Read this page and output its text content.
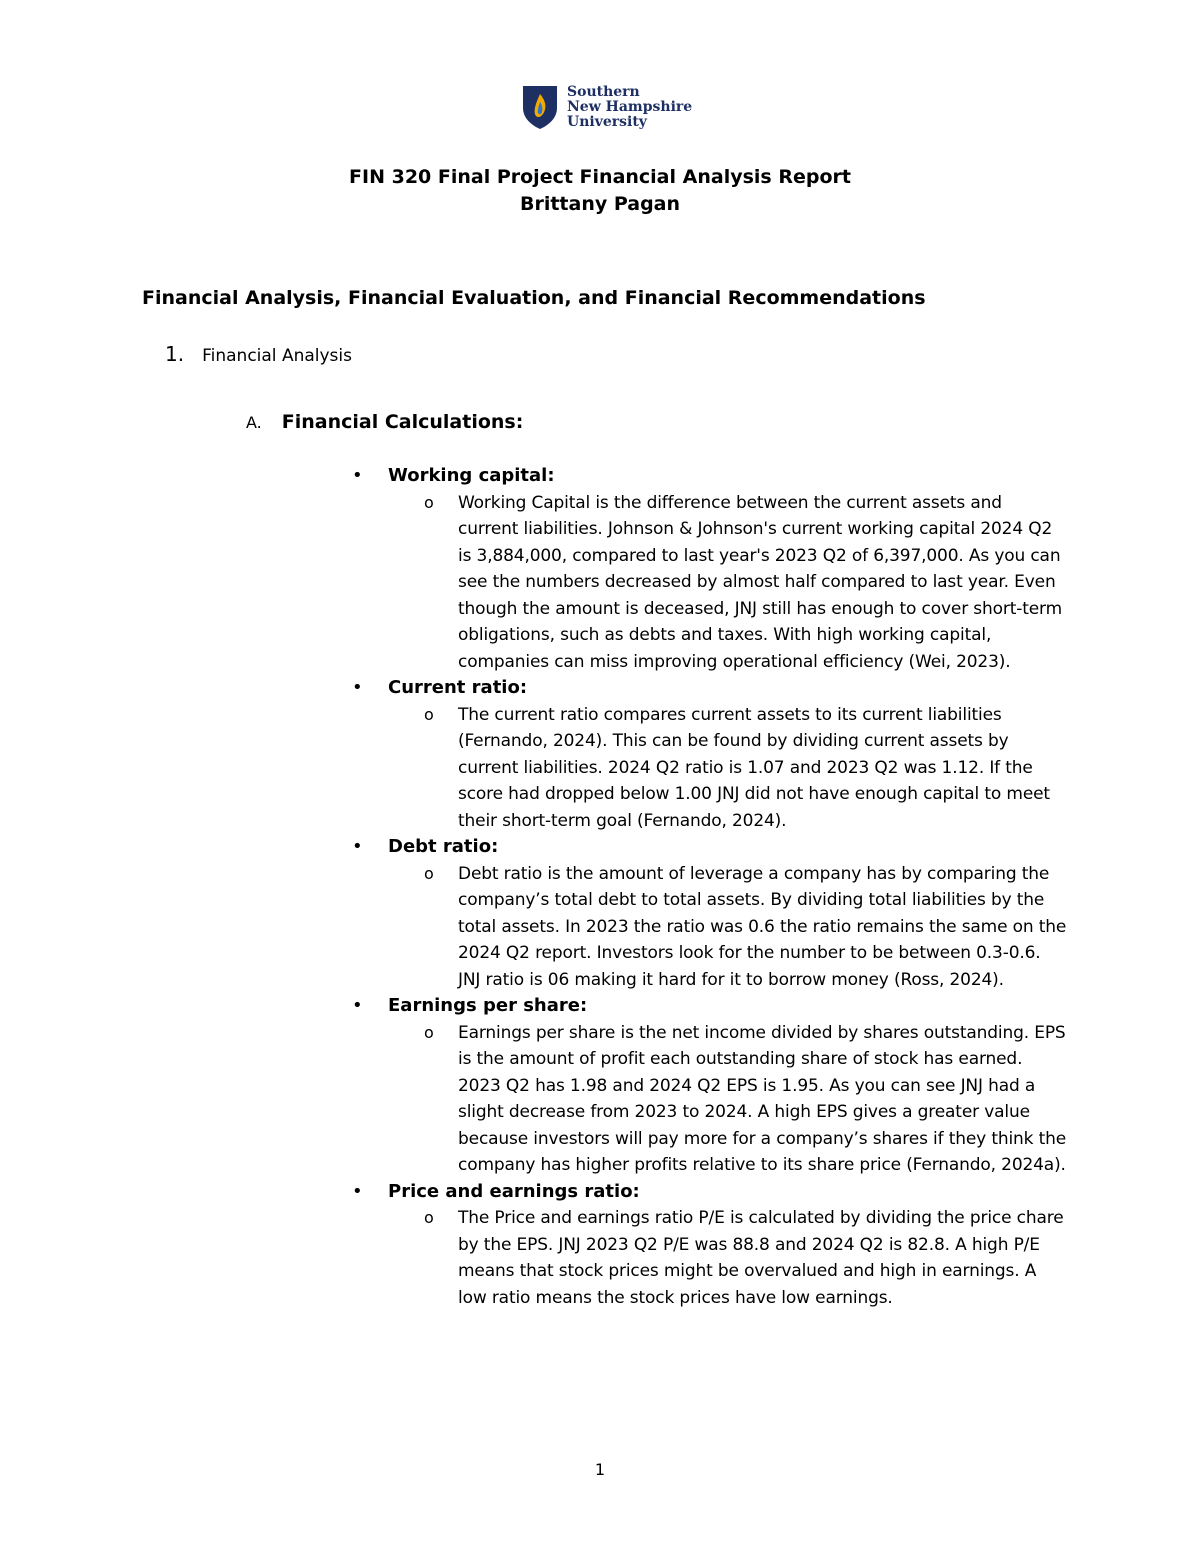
Southern
New Hampshire
University
FIN 320 Final Project Financial Analysis Report
Brittany Pagan
Financial Analysis, Financial Evaluation, and Financial Recommendations
1. Financial Analysis
A. Financial Calculations:
• Working capital:
o Working Capital is the difference between the current assets and current liabilities. Johnson & Johnson's current working capital 2024 Q2 is 3,884,000, compared to last year's 2023 Q2 of 6,397,000. As you can see the numbers decreased by almost half compared to last year. Even though the amount is deceased, JNJ still has enough to cover short-term obligations, such as debts and taxes. With high working capital, companies can miss improving operational efficiency (Wei, 2023).
• Current ratio:
o The current ratio compares current assets to its current liabilities (Fernando, 2024). This can be found by dividing current assets by current liabilities. 2024 Q2 ratio is 1.07 and 2023 Q2 was 1.12. If the score had dropped below 1.00 JNJ did not have enough capital to meet their short-term goal (Fernando, 2024).
• Debt ratio:
o Debt ratio is the amount of leverage a company has by comparing the company’s total debt to total assets. By dividing total liabilities by the total assets. In 2023 the ratio was 0.6 the ratio remains the same on the 2024 Q2 report. Investors look for the number to be between 0.3-0.6. JNJ ratio is 06 making it hard for it to borrow money (Ross, 2024).
• Earnings per share:
o Earnings per share is the net income divided by shares outstanding. EPS is the amount of profit each outstanding share of stock has earned. 2023 Q2 has 1.98 and 2024 Q2 EPS is 1.95. As you can see JNJ had a slight decrease from 2023 to 2024. A high EPS gives a greater value because investors will pay more for a company’s shares if they think the company has higher profits relative to its share price (Fernando, 2024a).
• Price and earnings ratio:
o The Price and earnings ratio P/E is calculated by dividing the price chare by the EPS. JNJ 2023 Q2 P/E was 88.8 and 2024 Q2 is 82.8. A high P/E means that stock prices might be overvalued and high in earnings. A low ratio means the stock prices have low earnings.
1
